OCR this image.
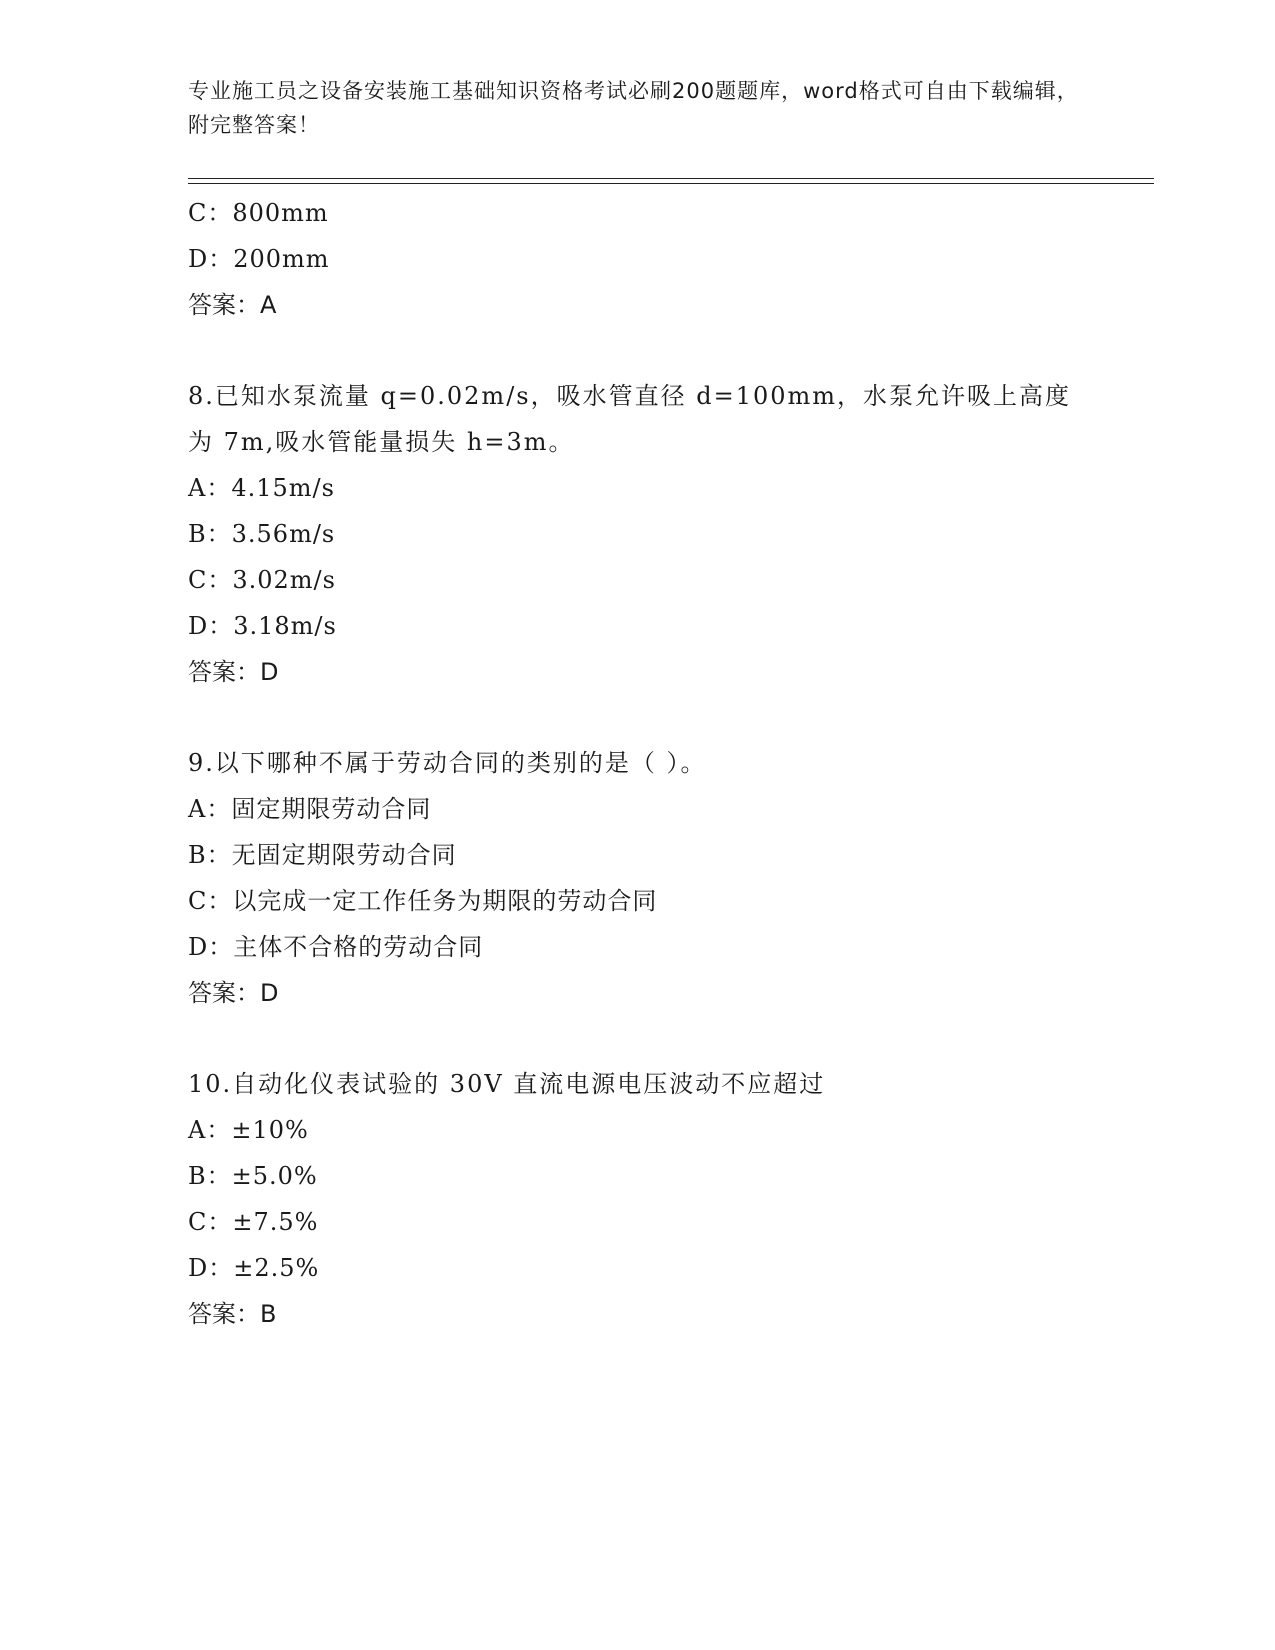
专业施工员之设备安装施工基础知识资格考试必刷200题题库，word格式可自由下载编辑，附完整答案！
C：800mm
D：200mm
答案：A
8.已知水泵流量 q=0.02m/s，吸水管直径 d=100mm，水泵允许吸上高度为 7m,吸水管能量损失 h=3m。
A：4.15m/s
B：3.56m/s
C：3.02m/s
D：3.18m/s
答案：D
9.以下哪种不属于劳动合同的类别的是（ ）。
A：固定期限劳动合同
B：无固定期限劳动合同
C：以完成一定工作任务为期限的劳动合同
D：主体不合格的劳动合同
答案：D
10.自动化仪表试验的 30V 直流电源电压波动不应超过
A：±10%
B：±5.0%
C：±7.5%
D：±2.5%
答案：B
